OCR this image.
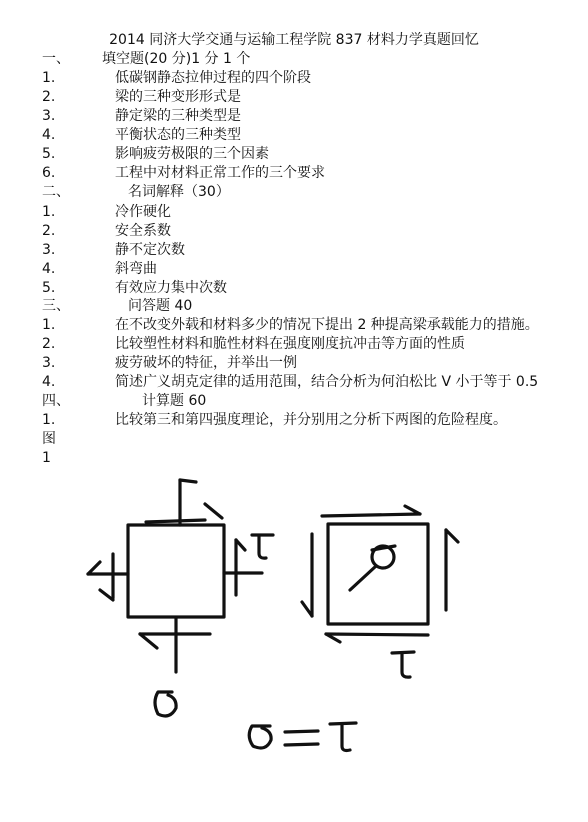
2014 同济大学交通与运输工程学院 837 材料力学真题回忆
一、 填空题(20 分)1 分 1 个
1.	低碳钢静态拉伸过程的四个阶段
2.	梁的三种变形形式是
3.	静定梁的三种类型是
4.	平衡状态的三种类型
5.	影响疲劳极限的三个因素
6.	工程中对材料正常工作的三个要求
二、	名词解释（30）
1.	冷作硬化
2.	安全系数
3.	静不定次数
4.	斜弯曲
5.	有效应力集中次数
三、	问答题 40
1.	在不改变外载和材料多少的情况下提出 2 种提高梁承载能力的措施。
2.	比较塑性材料和脆性材料在强度刚度抗冲击等方面的性质
3.	疲劳破坏的特征，并举出一例
4.	简述广义胡克定律的适用范围，结合分析为何泊松比 V 小于等于 0.5
四、	计算题 60
1.	比较第三和第四强度理论，并分别用之分析下两图的危险程度。
图
1
